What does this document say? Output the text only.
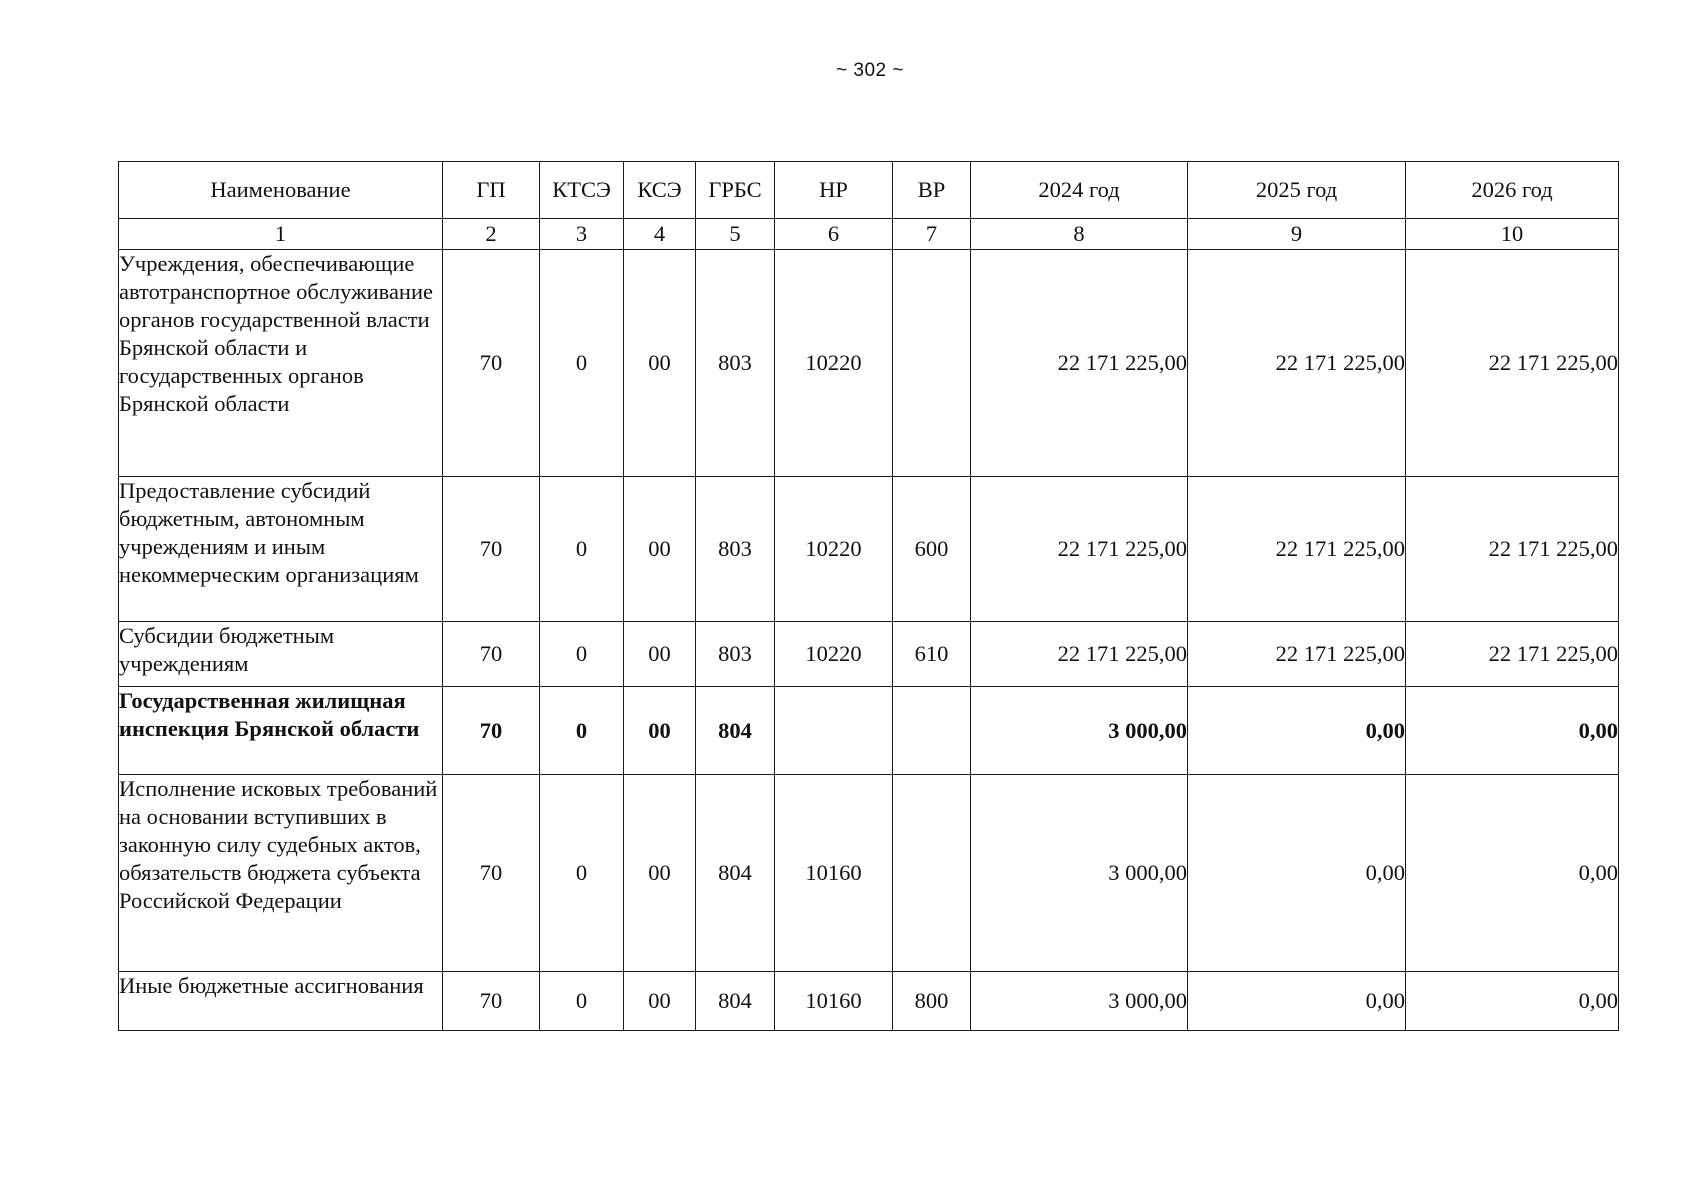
~ 302 ~
Наименование	ГП	КТСЭ	КСЭ	ГРБС	НР	ВР	2024 год	2025 год	2026 год
1	2	3	4	5	6	7	8	9	10
Учреждения, обеспечивающие автотранспортное обслуживание органов государственной власти Брянской области и государственных органов Брянской области	70	0	00	803	10220		22 171 225,00	22 171 225,00	22 171 225,00
Предоставление субсидий бюджетным, автономным учреждениям и иным некоммерческим организациям	70	0	00	803	10220	600	22 171 225,00	22 171 225,00	22 171 225,00
Субсидии бюджетным учреждениям	70	0	00	803	10220	610	22 171 225,00	22 171 225,00	22 171 225,00
Государственная жилищная инспекция Брянской области	70	0	00	804			3 000,00	0,00	0,00
Исполнение исковых требований на основании вступивших в законную силу судебных актов, обязательств бюджета субъекта Российской Федерации	70	0	00	804	10160		3 000,00	0,00	0,00
Иные бюджетные ассигнования	70	0	00	804	10160	800	3 000,00	0,00	0,00
